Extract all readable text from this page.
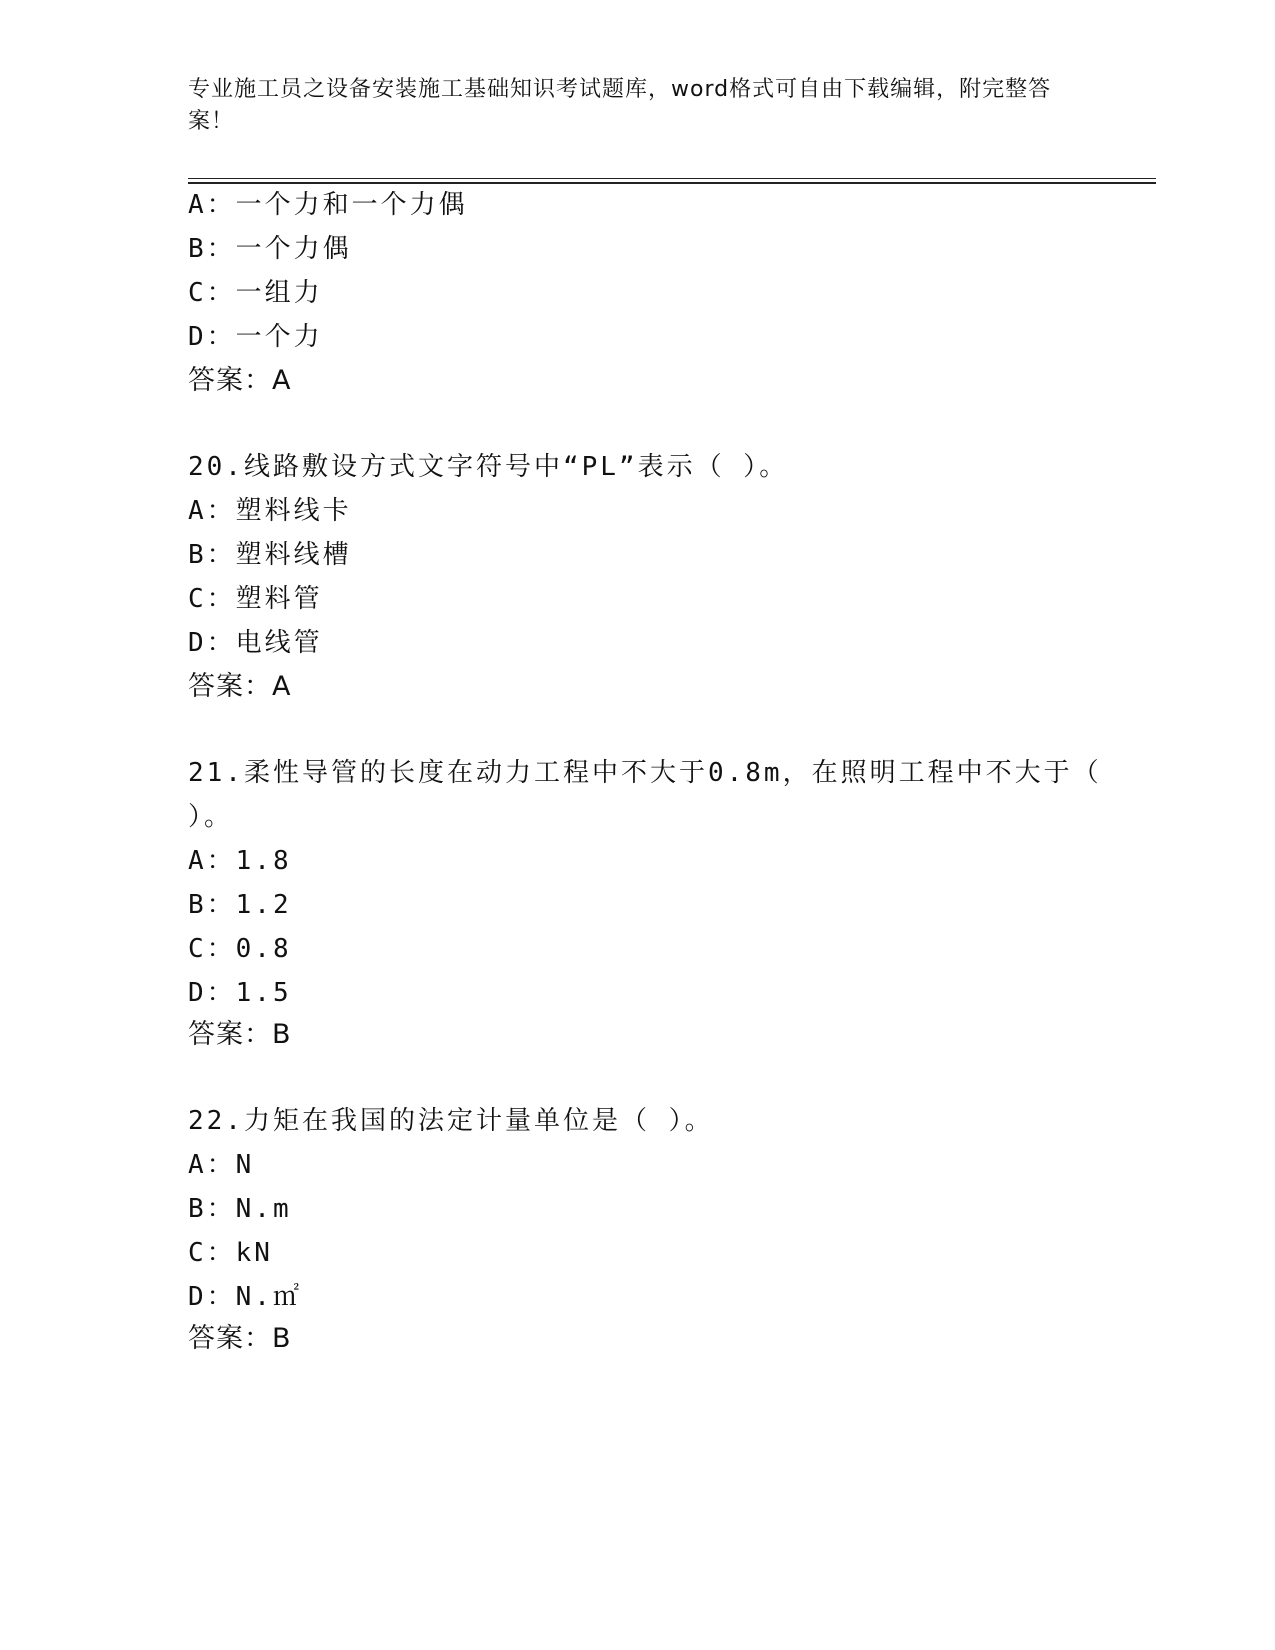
专业施工员之设备安装施工基础知识考试题库，word格式可自由下载编辑，附完整答案！
A：一个力和一个力偶
B：一个力偶
C：一组力
D：一个力
答案：A
20.线路敷设方式文字符号中“PL”表示（ ）。
A：塑料线卡
B：塑料线槽
C：塑料管
D：电线管
答案：A
21.柔性导管的长度在动力工程中不大于0.8m，在照明工程中不大于（
）。
A：1.8
B：1.2
C：0.8
D：1.5
答案：B
22.力矩在我国的法定计量单位是（ ）。
A：N
B：N.m
C：kN
D：N.㎡
答案：B
